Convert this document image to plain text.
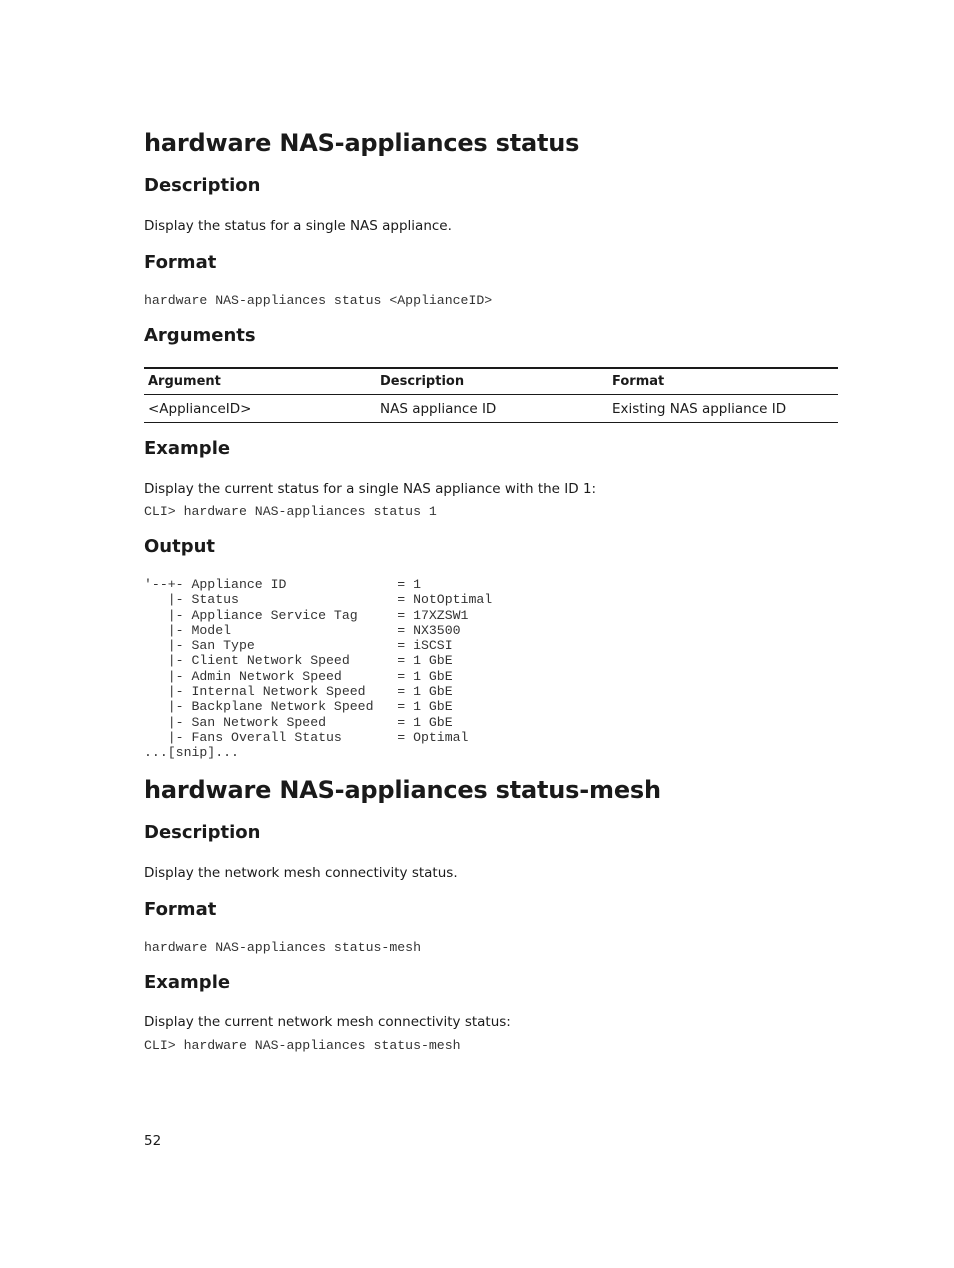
hardware NAS-appliances status
Description

Display the status for a single NAS appliance.

Format
hardware NAS-appliances status <ApplianceID>
Arguments
Argument	Description	Format
<ApplianceID>	NAS appliance ID	Existing NAS appliance ID
Example

Display the current status for a single NAS appliance with the ID 1:

CLI> hardware NAS-appliances status 1
Output
'--+- Appliance ID              = 1
|- Status                    = NotOptimal
|- Appliance Service Tag     = 17XZSW1
|- Model                     = NX3500
|- San Type                  = iSCSI
|- Client Network Speed      = 1 GbE
|- Admin Network Speed       = 1 GbE
|- Internal Network Speed    = 1 GbE
|- Backplane Network Speed   = 1 GbE
|- San Network Speed         = 1 GbE
|- Fans Overall Status       = Optimal
...[snip]...
hardware NAS-appliances status-mesh
Description

Display the network mesh connectivity status.

Format
hardware NAS-appliances status-mesh
Example

Display the current network mesh connectivity status:

CLI> hardware NAS-appliances status-mesh
52
